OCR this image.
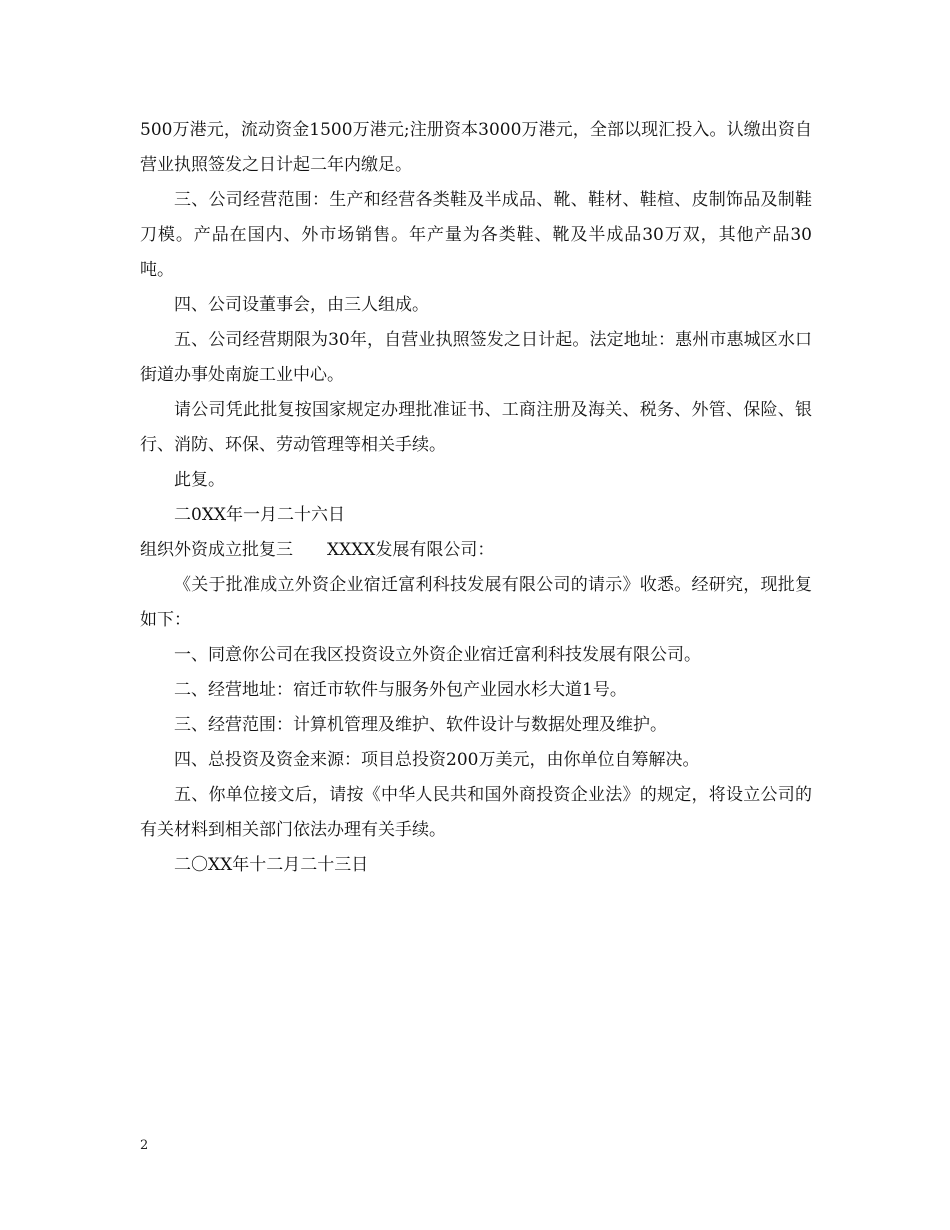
500万港元，流动资金1500万港元;注册资本3000万港元，全部以现汇投入。认缴出资自营业执照签发之日计起二年内缴足。

三、公司经营范围：生产和经营各类鞋及半成品、靴、鞋材、鞋楦、皮制饰品及制鞋刀模。产品在国内、外市场销售。年产量为各类鞋、靴及半成品30万双，其他产品30吨。

四、公司设董事会，由三人组成。

五、公司经营期限为30年，自营业执照签发之日计起。法定地址：惠州市惠城区水口街道办事处南旋工业中心。

请公司凭此批复按国家规定办理批准证书、工商注册及海关、税务、外管、保险、银行、消防、环保、劳动管理等相关手续。

此复。

二0XX年一月二十六日

组织外资成立批复三　　XXXX发展有限公司：

《关于批准成立外资企业宿迁富利科技发展有限公司的请示》收悉。经研究，现批复如下：

一、同意你公司在我区投资设立外资企业宿迁富利科技发展有限公司。

二、经营地址：宿迁市软件与服务外包产业园水杉大道1号。

三、经营范围：计算机管理及维护、软件设计与数据处理及维护。

四、总投资及资金来源：项目总投资200万美元，由你单位自筹解决。

五、你单位接文后，请按《中华人民共和国外商投资企业法》的规定，将设立公司的有关材料到相关部门依法办理有关手续。

二〇XX年十二月二十三日

2
